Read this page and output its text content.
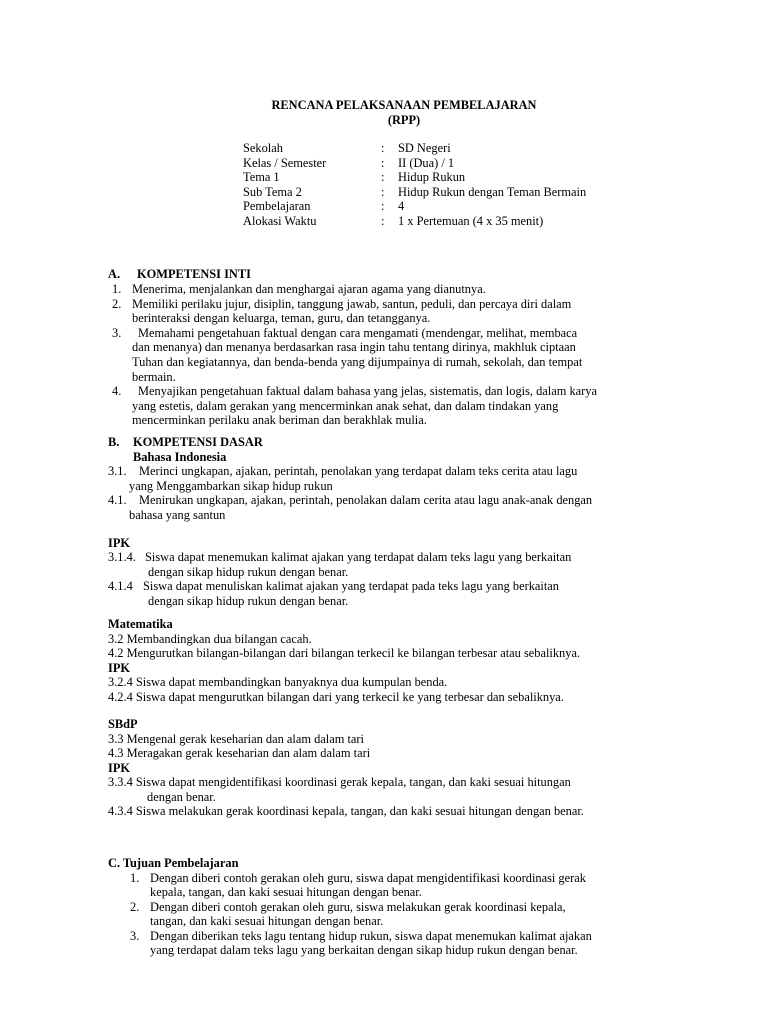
RENCANA PELAKSANAAN PEMBELAJARAN
(RPP)
Sekolah	: SD Negeri
Kelas / Semester	: II (Dua) / 1
Tema 1	: Hidup Rukun
Sub Tema 2	: Hidup Rukun dengan Teman Bermain
Pembelajaran	: 4
Alokasi Waktu	: 1 x Pertemuan (4 x 35 menit)
A. KOMPETENSI INTI
1. Menerima, menjalankan dan menghargai ajaran agama yang dianutnya.
2. Memiliki perilaku jujur, disiplin, tanggung jawab, santun, peduli, dan percaya diri dalam
berinteraksi dengan keluarga, teman, guru, dan tetangganya.
3.	Memahami pengetahuan faktual dengan cara mengamati (mendengar, melihat, membaca
dan menanya) dan menanya berdasarkan rasa ingin tahu tentang dirinya, makhluk ciptaan
Tuhan dan kegiatannya, dan benda-benda yang dijumpainya di rumah, sekolah, dan tempat
bermain.
4.	Menyajikan pengetahuan faktual dalam bahasa yang jelas, sistematis, dan logis, dalam karya
yang estetis, dalam gerakan yang mencerminkan anak sehat, dan dalam tindakan yang
mencerminkan perilaku anak beriman dan berakhlak mulia.
B. KOMPETENSI DASAR
Bahasa Indonesia
3.1.	Merinci ungkapan, ajakan, perintah, penolakan yang terdapat dalam teks cerita atau lagu
yang Menggambarkan sikap hidup rukun
4.1.	Menirukan ungkapan, ajakan, perintah, penolakan dalam cerita atau lagu anak-anak dengan
bahasa yang santun
IPK
3.1.4. Siswa dapat menemukan kalimat ajakan yang terdapat dalam teks lagu yang berkaitan
dengan sikap hidup rukun dengan benar.
4.1.4 Siswa dapat menuliskan kalimat ajakan yang terdapat pada teks lagu yang berkaitan
dengan sikap hidup rukun dengan benar.
Matematika
3.2 Membandingkan dua bilangan cacah.
4.2 Mengurutkan bilangan-bilangan dari bilangan terkecil ke bilangan terbesar atau sebaliknya.
IPK
3.2.4 Siswa dapat membandingkan banyaknya dua kumpulan benda.
4.2.4 Siswa dapat mengurutkan bilangan dari yang terkecil ke yang terbesar dan sebaliknya.
SBdP
3.3 Mengenal gerak keseharian dan alam dalam tari
4.3 Meragakan gerak keseharian dan alam dalam tari
IPK
3.3.4 Siswa dapat mengidentifikasi koordinasi gerak kepala, tangan, dan kaki sesuai hitungan
dengan benar.
4.3.4 Siswa melakukan gerak koordinasi kepala, tangan, dan kaki sesuai hitungan dengan benar.
C. Tujuan Pembelajaran
1. Dengan diberi contoh gerakan oleh guru, siswa dapat mengidentifikasi koordinasi gerak
kepala, tangan, dan kaki sesuai hitungan dengan benar.
2. Dengan diberi contoh gerakan oleh guru, siswa melakukan gerak koordinasi kepala,
tangan, dan kaki sesuai hitungan dengan benar.
3. Dengan diberikan teks lagu tentang hidup rukun, siswa dapat menemukan kalimat ajakan
yang terdapat dalam teks lagu yang berkaitan dengan sikap hidup rukun dengan benar.
